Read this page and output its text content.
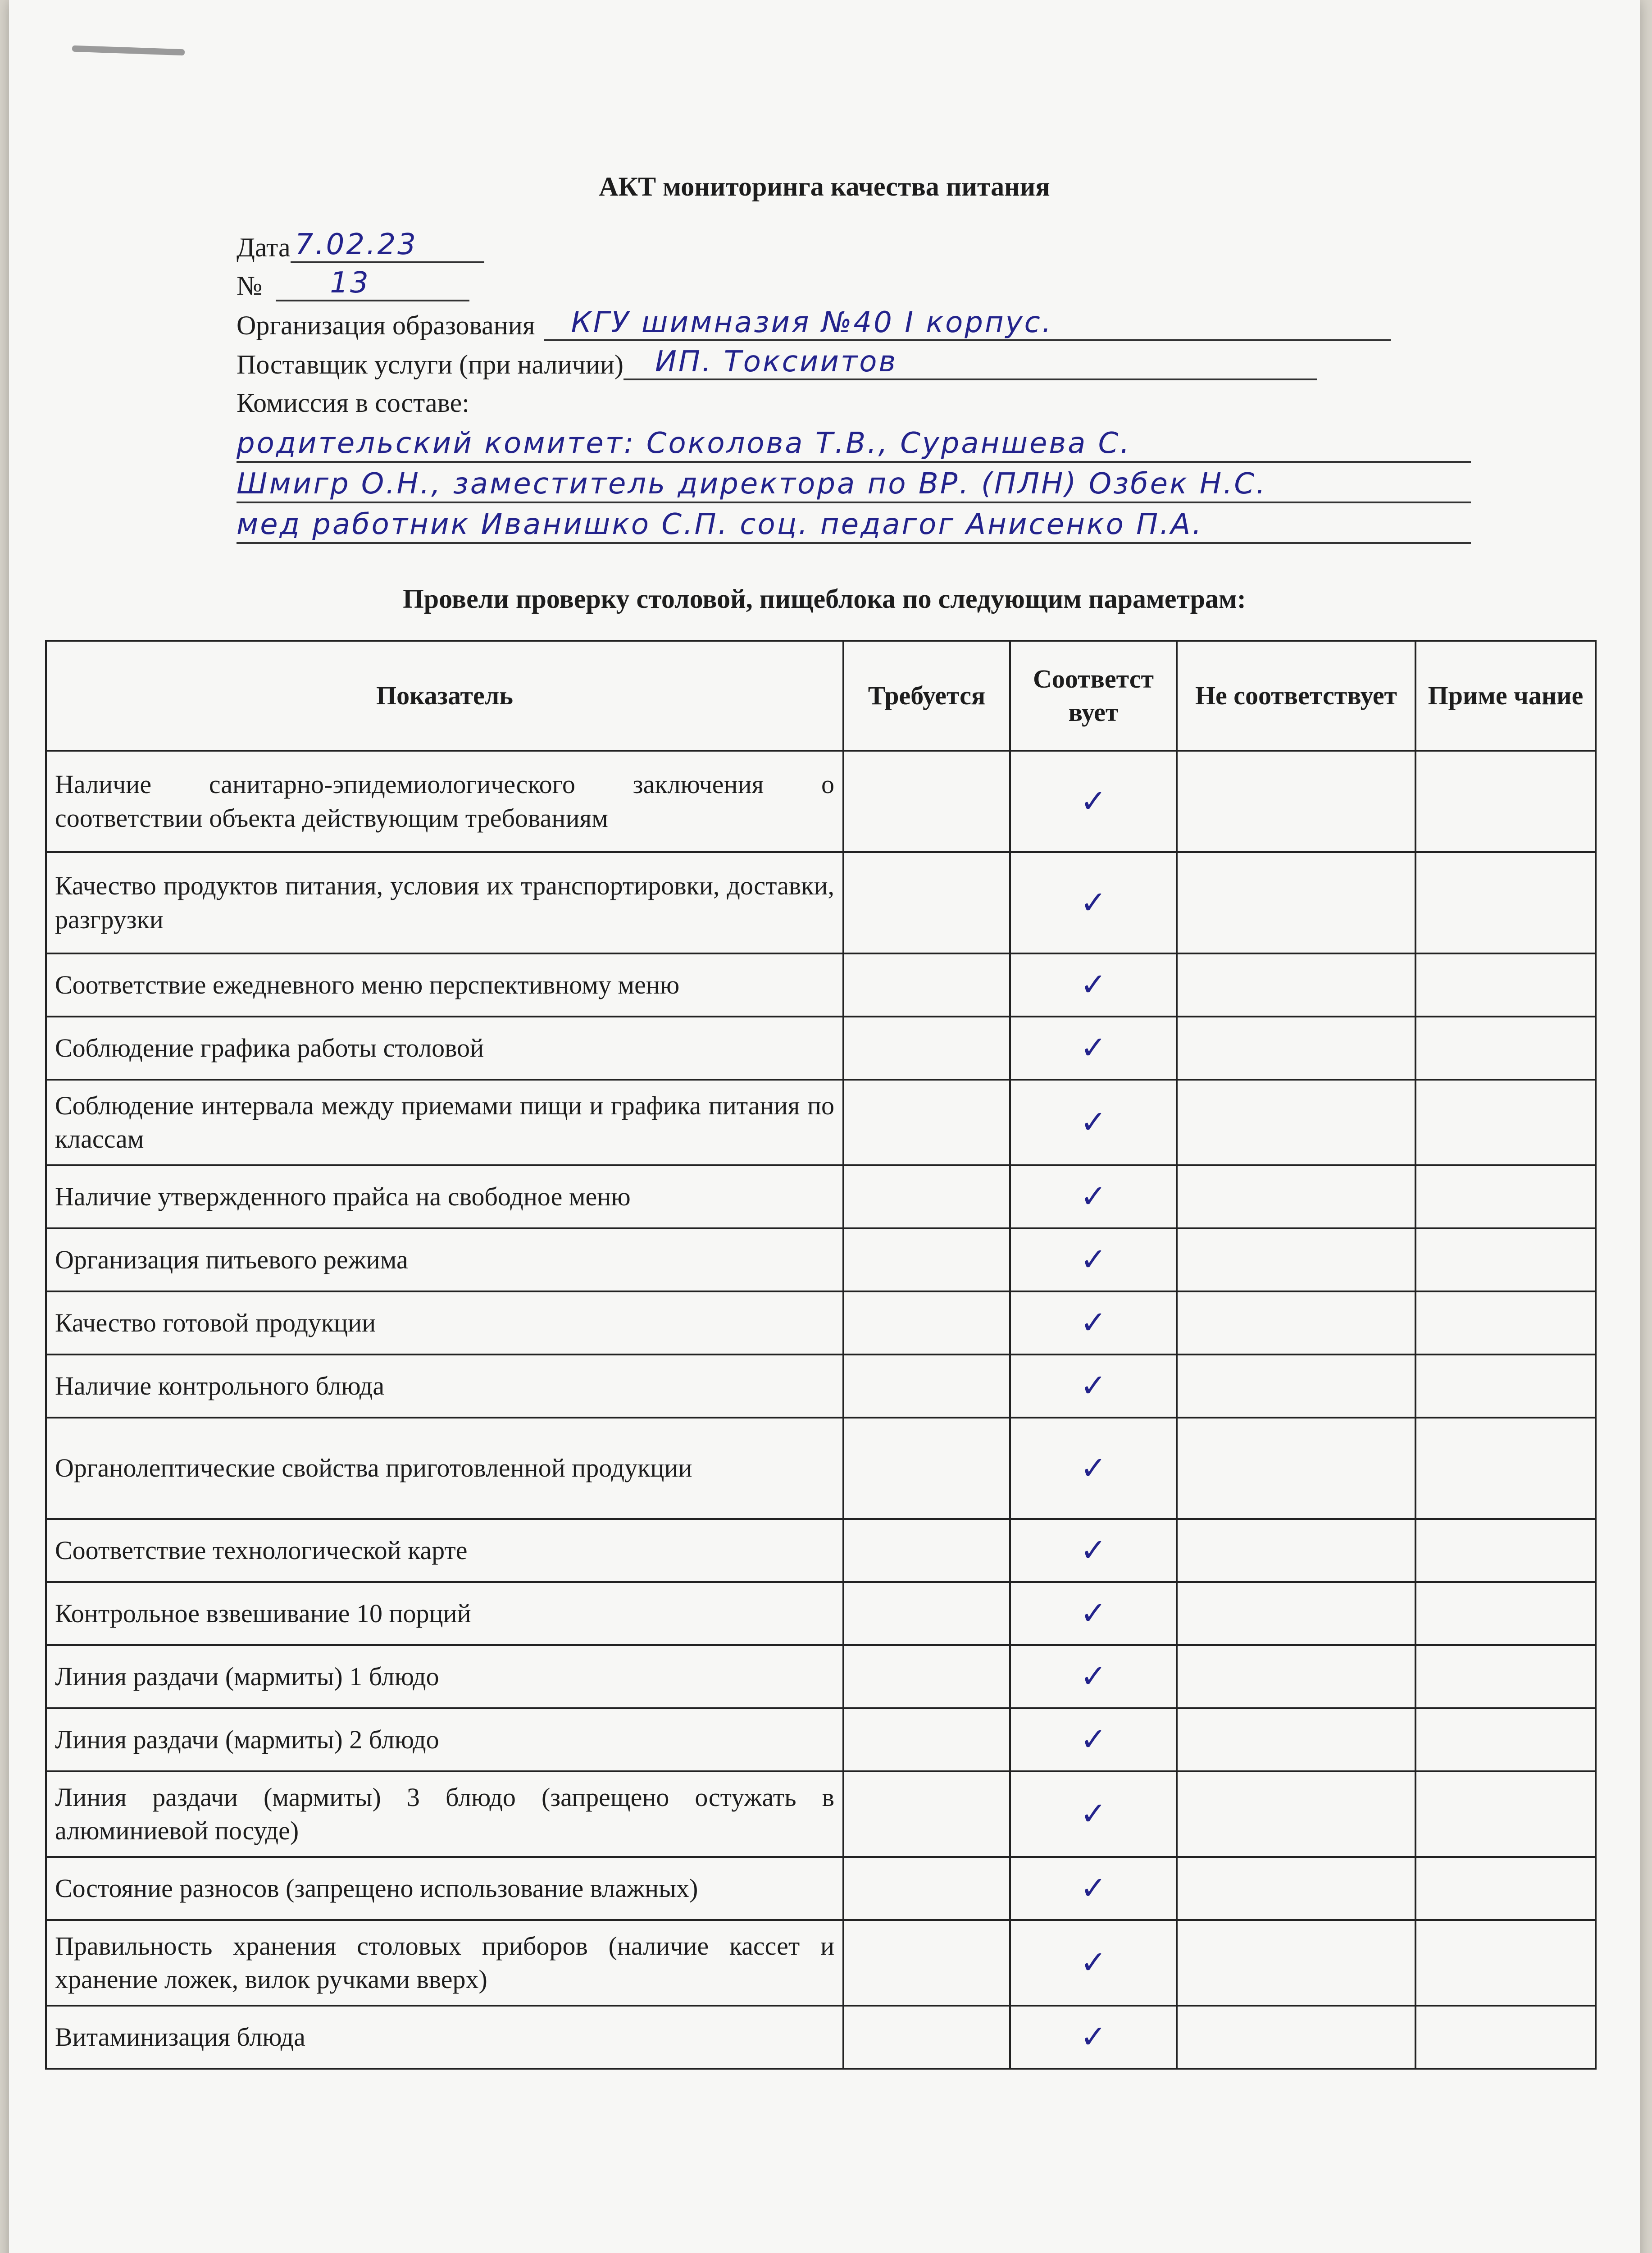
АКТ мониторинга качества питания
Дата 7.02.23
№ 13
Организация образования КГУ шимназия №40 I корпус.
Поставщик услуги (при наличии) ИП. Токсиитов
Комиссия в составе:
родительский комитет: Соколова Т.В., Сураншева С.
Шмигр О.Н., заместитель директора по ВР. (ПЛН) Озбек Н.С.
мед работник Иванишко С.П. соц. педагог Анисенко П.А.
Провели проверку столовой, пищеблока по следующим параметрам:
Показатель	Требуется	Соответст вует	Не соответствует	Приме чание
Наличие санитарно-эпидемиологического заключения о соответствии объекта действующим требованиям		✓		
Качество продуктов питания, условия их транспортировки, доставки, разгрузки		✓		
Соответствие ежедневного меню перспективному меню		✓		
Соблюдение графика работы столовой		✓		
Соблюдение интервала между приемами пищи и графика питания по классам		✓		
Наличие утвержденного прайса на свободное меню		✓		
Организация питьевого режима		✓		
Качество готовой продукции		✓		
Наличие контрольного блюда		✓		
Органолептические свойства приготовленной продукции		✓		
Соответствие технологической карте		✓		
Контрольное взвешивание 10 порций		✓		
Линия раздачи (мармиты) 1 блюдо		✓		
Линия раздачи (мармиты) 2 блюдо		✓		
Линия раздачи (мармиты) 3 блюдо (запрещено остужать в алюминиевой посуде)		✓		
Состояние разносов (запрещено использование влажных)		✓		
Правильность хранения столовых приборов (наличие кассет и хранение ложек, вилок ручками вверх)		✓		
Витаминизация блюда		✓		
